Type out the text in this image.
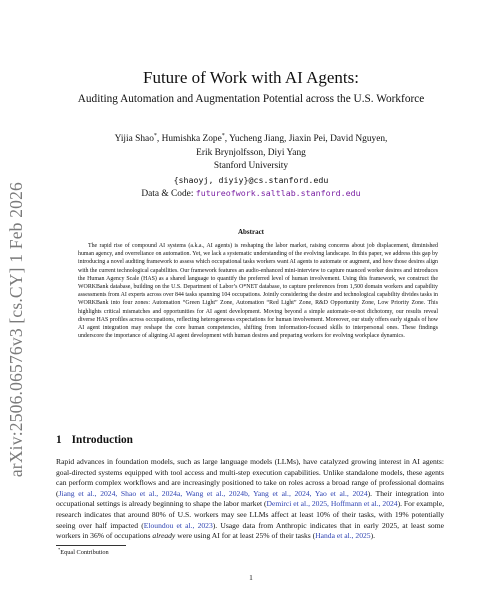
arXiv:2506.06576v3 [cs.CY] 1 Feb 2026
Future of Work with AI Agents:
Auditing Automation and Augmentation Potential across the U.S. Workforce
Yijia Shao*, Humishka Zope*, Yucheng Jiang, Jiaxin Pei, David Nguyen,
Erik Brynjolfsson, Diyi Yang
Stanford University
{shaoyj, diyiy}@cs.stanford.edu
Data & Code: futureofwork.saltlab.stanford.edu
Abstract
The rapid rise of compound AI systems (a.k.a., AI agents) is reshaping the labor market, raising concerns about job displacement, diminished human agency, and overreliance on automation. Yet, we lack a systematic understanding of the evolving landscape. In this paper, we address this gap by introducing a novel auditing framework to assess which occupational tasks workers want AI agents to automate or augment, and how those desires align with the current technological capabilities. Our framework features an audio-enhanced mini-interview to capture nuanced worker desires and introduces the Human Agency Scale (HAS) as a shared language to quantify the preferred level of human involvement. Using this framework, we construct the WORKBank database, building on the U.S. Department of Labor’s O*NET database, to capture preferences from 1,500 domain workers and capability assessments from AI experts across over 844 tasks spanning 104 occupations. Jointly considering the desire and technological capability divides tasks in WORKBank into four zones: Automation “Green Light” Zone, Automation “Red Light” Zone, R&D Opportunity Zone, Low Priority Zone. This highlights critical mismatches and opportunities for AI agent development. Moving beyond a simple automate-or-not dichotomy, our results reveal diverse HAS profiles across occupations, reflecting heterogeneous expectations for human involvement. Moreover, our study offers early signals of how AI agent integration may reshape the core human competencies, shifting from information-focused skills to interpersonal ones. These findings underscore the importance of aligning AI agent development with human desires and preparing workers for evolving workplace dynamics.
1 Introduction
Rapid advances in foundation models, such as large language models (LLMs), have catalyzed growing interest in AI agents: goal-directed systems equipped with tool access and multi-step execution capabilities. Unlike standalone models, these agents can perform complex workflows and are increasingly positioned to take on roles across a broad range of professional domains (Jiang et al., 2024, Shao et al., 2024a, Wang et al., 2024b, Yang et al., 2024, Yao et al., 2024). Their integration into occupational settings is already beginning to shape the labor market (Demirci et al., 2025, Hoffmann et al., 2024). For example, research indicates that around 80% of U.S. workers may see LLMs affect at least 10% of their tasks, with 19% potentially seeing over half impacted (Eloundou et al., 2023). Usage data from Anthropic indicates that in early 2025, at least some workers in 36% of occupations already were using AI for at least 25% of their tasks (Handa et al., 2025).
*Equal Contribution
1
